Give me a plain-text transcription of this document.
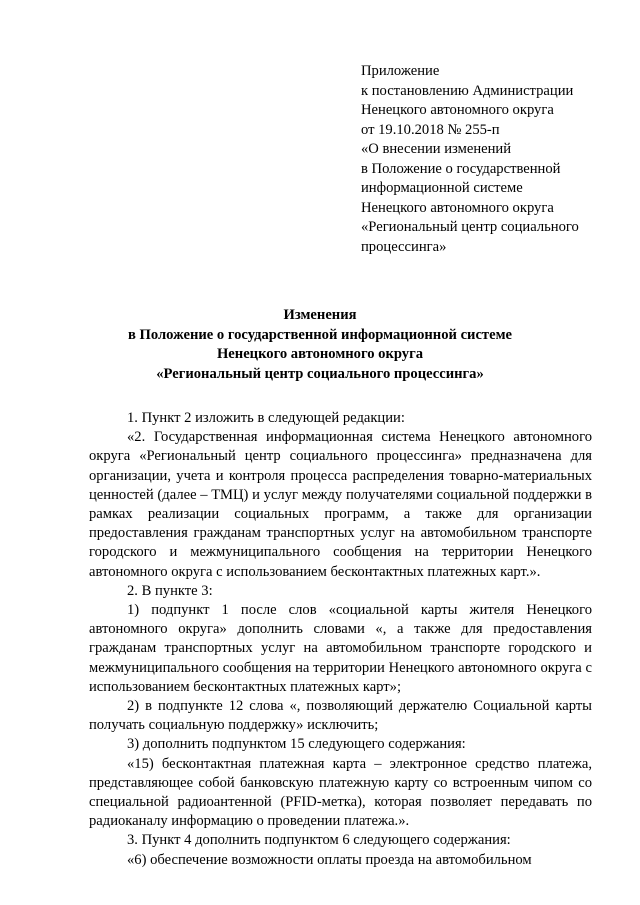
Приложение
к постановлению Администрации
Ненецкого автономного округа
от 19.10.2018 № 255-п
«О внесении изменений
в Положение о государственной
информационной системе
Ненецкого автономного округа
«Региональный центр социального
процессинга»
Изменения
в Положение о государственной информационной системе
Ненецкого автономного округа
«Региональный центр социального процессинга»

1. Пункт 2 изложить в следующей редакции:

«2. Государственная информационная система Ненецкого автономного округа «Региональный центр социального процессинга» предназначена для организации, учета и контроля процесса распределения товарно-материальных ценностей (далее – ТМЦ) и услуг между получателями социальной поддержки в рамках реализации социальных программ, а также для организации предоставления гражданам транспортных услуг на автомобильном транспорте городского и межмуниципального сообщения на территории Ненецкого автономного округа с использованием бесконтактных платежных карт.».

2. В пункте 3:

1) подпункт 1 после слов «социальной карты жителя Ненецкого автономного округа» дополнить словами «, а также для предоставления гражданам транспортных услуг на автомобильном транспорте городского и межмуниципального сообщения на территории Ненецкого автономного округа с использованием бесконтактных платежных карт»;

2) в подпункте 12 слова «, позволяющий держателю Социальной карты получать социальную поддержку» исключить;

3) дополнить подпунктом 15 следующего содержания:

«15) бесконтактная платежная карта – электронное средство платежа, представляющее собой банковскую платежную карту со встроенным чипом со специальной радиоантенной (PFID-метка), которая позволяет передавать по радиоканалу информацию о проведении платежа.».

3. Пункт 4 дополнить подпунктом 6 следующего содержания:

«6) обеспечение возможности оплаты проезда на автомобильном
